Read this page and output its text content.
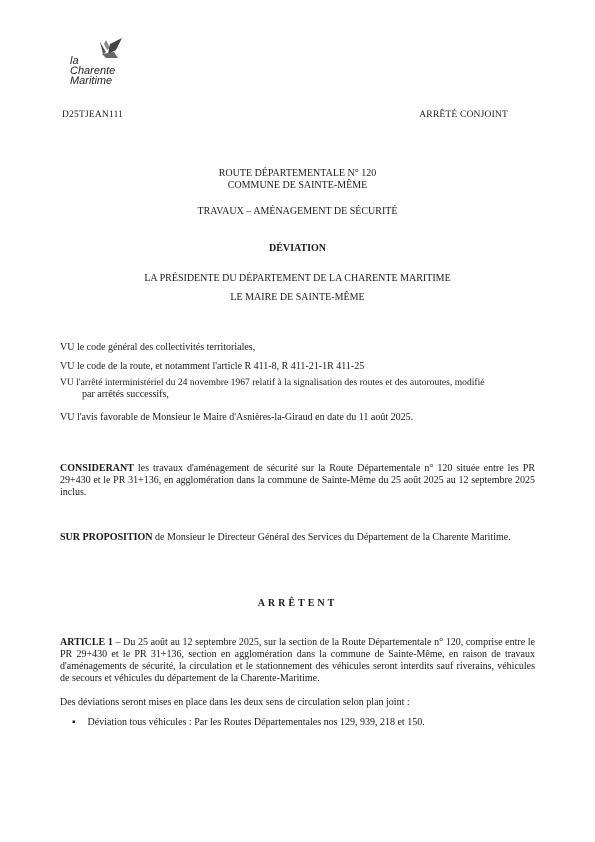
la
Charente
Maritime
D25TJEAN111	ARRÊTÉ CONJOINT
ROUTE DÉPARTEMENTALE N° 120
COMMUNE DE SAINTE-MÊME
TRAVAUX – AMÉNAGEMENT DE SÉCURITÉ
DÉVIATION
LA PRÉSIDENTE DU DÉPARTEMENT DE LA CHARENTE MARITIME
LE MAIRE DE SAINTE-MÊME
VU le code général des collectivités territoriales,
VU le code de la route, et notamment l'article R 411-8, R 411-21-1R 411-25
VU l'arrêté interministériel du 24 novembre 1967 relatif à la signalisation des routes et des autoroutes, modifié
par arrêtés successifs,
VU l'avis favorable de Monsieur le Maire d'Asnières-la-Giraud en date du 11 août 2025.
CONSIDERANT les travaux d'aménagement de sécurité sur la Route Départementale n° 120 située entre les PR 29+430 et le PR 31+136, en agglomération dans la commune de Sainte-Même du 25 août 2025 au 12 septembre 2025 inclus.
SUR PROPOSITION de Monsieur le Directeur Général des Services du Département de la Charente Maritime.
ARRÊTENT
ARTICLE 1 – Du 25 août au 12 septembre 2025, sur la section de la Route Départementale n° 120, comprise entre le PR 29+430 et le PR 31+136, section en agglomération dans la commune de Sainte-Même, en raison de travaux d'aménagements de sécurité, la circulation et le stationnement des véhicules seront interdits sauf riverains, véhicules de secours et véhicules du département de la Charente-Maritime.
Des déviations seront mises en place dans les deux sens de circulation selon plan joint :
▪ Déviation tous véhicules : Par les Routes Départementales nos 129, 939, 218 et 150.
